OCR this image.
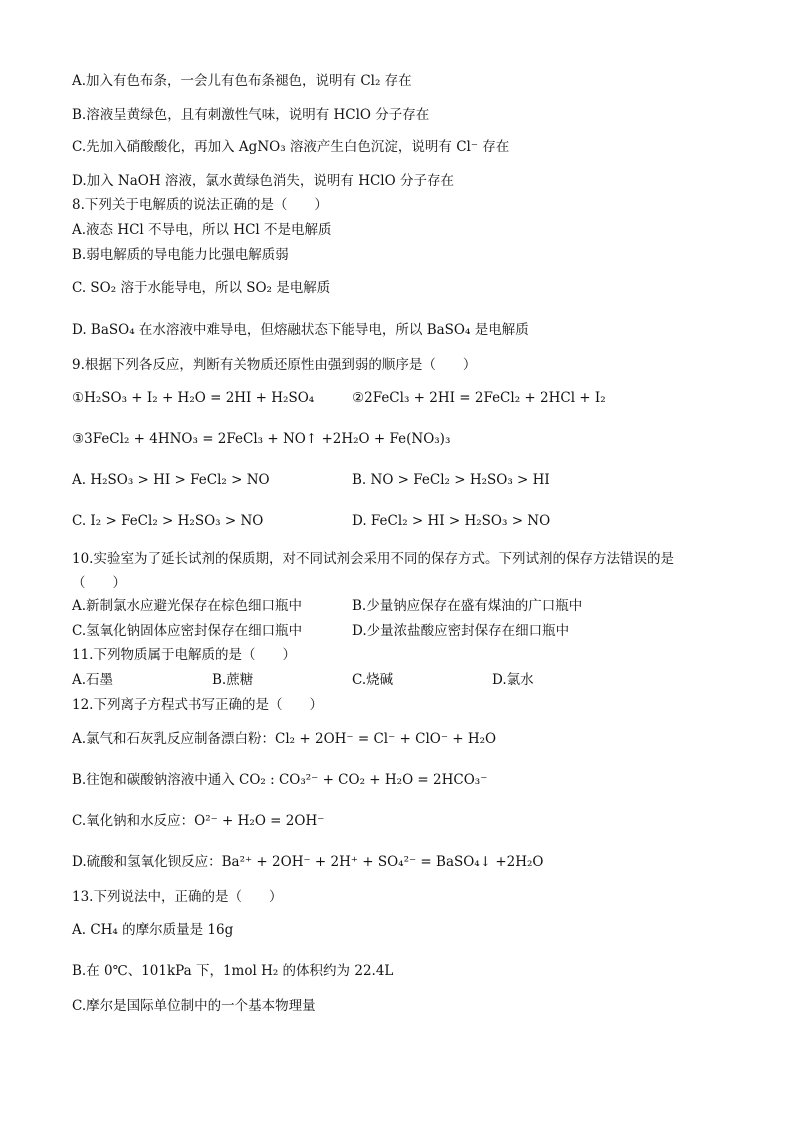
A.加入有色布条，一会儿有色布条褪色，说明有 Cl₂ 存在
B.溶液呈黄绿色，且有刺激性气味，说明有 HClO 分子存在
C.先加入硝酸酸化，再加入 AgNO₃ 溶液产生白色沉淀，说明有 Cl⁻ 存在
D.加入 NaOH 溶液，氯水黄绿色消失，说明有 HClO 分子存在
8.下列关于电解质的说法正确的是（　　）
A.液态 HCl 不导电，所以 HCl 不是电解质
B.弱电解质的导电能力比强电解质弱
C. SO₂ 溶于水能导电，所以 SO₂ 是电解质
D. BaSO₄ 在水溶液中难导电，但熔融状态下能导电，所以 BaSO₄ 是电解质
9.根据下列各反应，判断有关物质还原性由强到弱的顺序是（　　）
①H₂SO₃ + I₂ + H₂O = 2HI + H₂SO₄	②2FeCl₃ + 2HI = 2FeCl₂ + 2HCl + I₂
③3FeCl₂ + 4HNO₃ = 2FeCl₃ + NO↑ +2H₂O + Fe(NO₃)₃
A. H₂SO₃ > HI > FeCl₂ > NO	B. NO > FeCl₂ > H₂SO₃ > HI
C. I₂ > FeCl₂ > H₂SO₃ > NO	D. FeCl₂ > HI > H₂SO₃ > NO
10.实验室为了延长试剂的保质期，对不同试剂会采用不同的保存方式。下列试剂的保存方法错误的是（　　）
A.新制氯水应避光保存在棕色细口瓶中	B.少量钠应保存在盛有煤油的广口瓶中
C.氢氧化钠固体应密封保存在细口瓶中	D.少量浓盐酸应密封保存在细口瓶中
11.下列物质属于电解质的是（　　）
A.石墨	B.蔗糖	C.烧碱	D.氯水
12.下列离子方程式书写正确的是（　　）
A.氯气和石灰乳反应制备漂白粉：Cl₂ + 2OH⁻ = Cl⁻ + ClO⁻ + H₂O
B.往饱和碳酸钠溶液中通入 CO₂ : CO₃²⁻ + CO₂ + H₂O = 2HCO₃⁻
C.氧化钠和水反应：O²⁻ + H₂O = 2OH⁻
D.硫酸和氢氧化钡反应：Ba²⁺ + 2OH⁻ + 2H⁺ + SO₄²⁻ = BaSO₄↓ +2H₂O
13.下列说法中，正确的是（　　）
A. CH₄ 的摩尔质量是 16g
B.在 0℃、101kPa 下，1mol H₂ 的体积约为 22.4L
C.摩尔是国际单位制中的一个基本物理量
